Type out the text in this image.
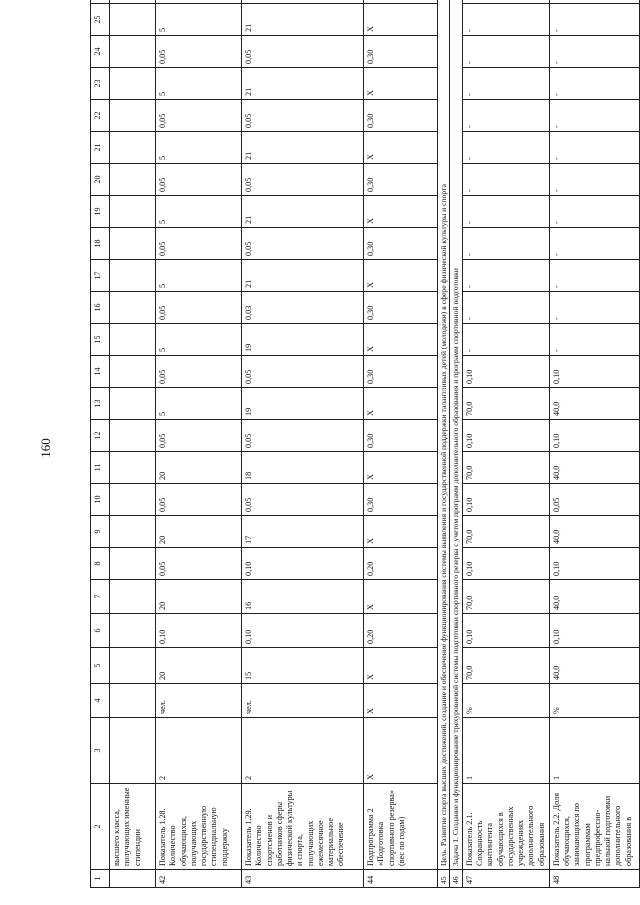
160
1	2	3	4	5	6	7	8	9	10	11	12	13	14	15	16	17	18	19	20	21	22	23	24	25	
	высшего класса, получающих именные стипендии																								
42	Показатель 1.28. Количество обучающихся, получающих государственную стипендиальную поддержку	2	чел.	20	0,10	20	0,05	20	0,05	20	0,05	5	0,05	5	0,05	5	0,05	5	0,05	5	0,05	5	0,05	5	
43	Показатель 1.29. Количество спортсменов и работников сферы физической культуры и спорта, получающих ежемесячное материальное обеспечение	2	чел.	15	0,10	16	0,10	17	0,05	18	0,05	19	0,05	19	0,03	21	0,05	21	0,05	21	0,05	21	0,05	21	
44	Подпрограмма 2 «Подготовка спортивного резерва» (вес по годам)	X	X	X	0,20	X	0,20	X	0,30	X	0,30	X	0,30	X	0,30	X	0,30	X	0,30	X	0,30	X	0,30	X	
45	Цель. Развитие спорта высших достижений, создание и обеспечение функционирования системы выявления и государственной поддержки талантливых детей (молодежи) в сфере физической культуры и спорта																								
46	Задача 1. Создание и функционирование трехуровневой системы подготовки спортивного резерва с учетом программ дополнительного образования и программ спортивной подготовки																								
47	Показатель 2.1. Сохранность контингента обучающихся в государственных учреждениях дополнительного образования	1	%	70,0	0,10	70,0	0,10	70,0	0,10	70,0	0,10	70,0	0,10	-	-	-	-	-	-	-	-	-	-	-	
48	Показатель 2.2. Доля обучающихся, занимающихся по программам предпрофессио- нальной подготовки дополнительного образования в	1	%	40,0	0,10	40,0	0,10	40,0	0,05	40,0	0,10	40,0	0,10	-	-	-	-	-	-	-	-	-	-	-	
